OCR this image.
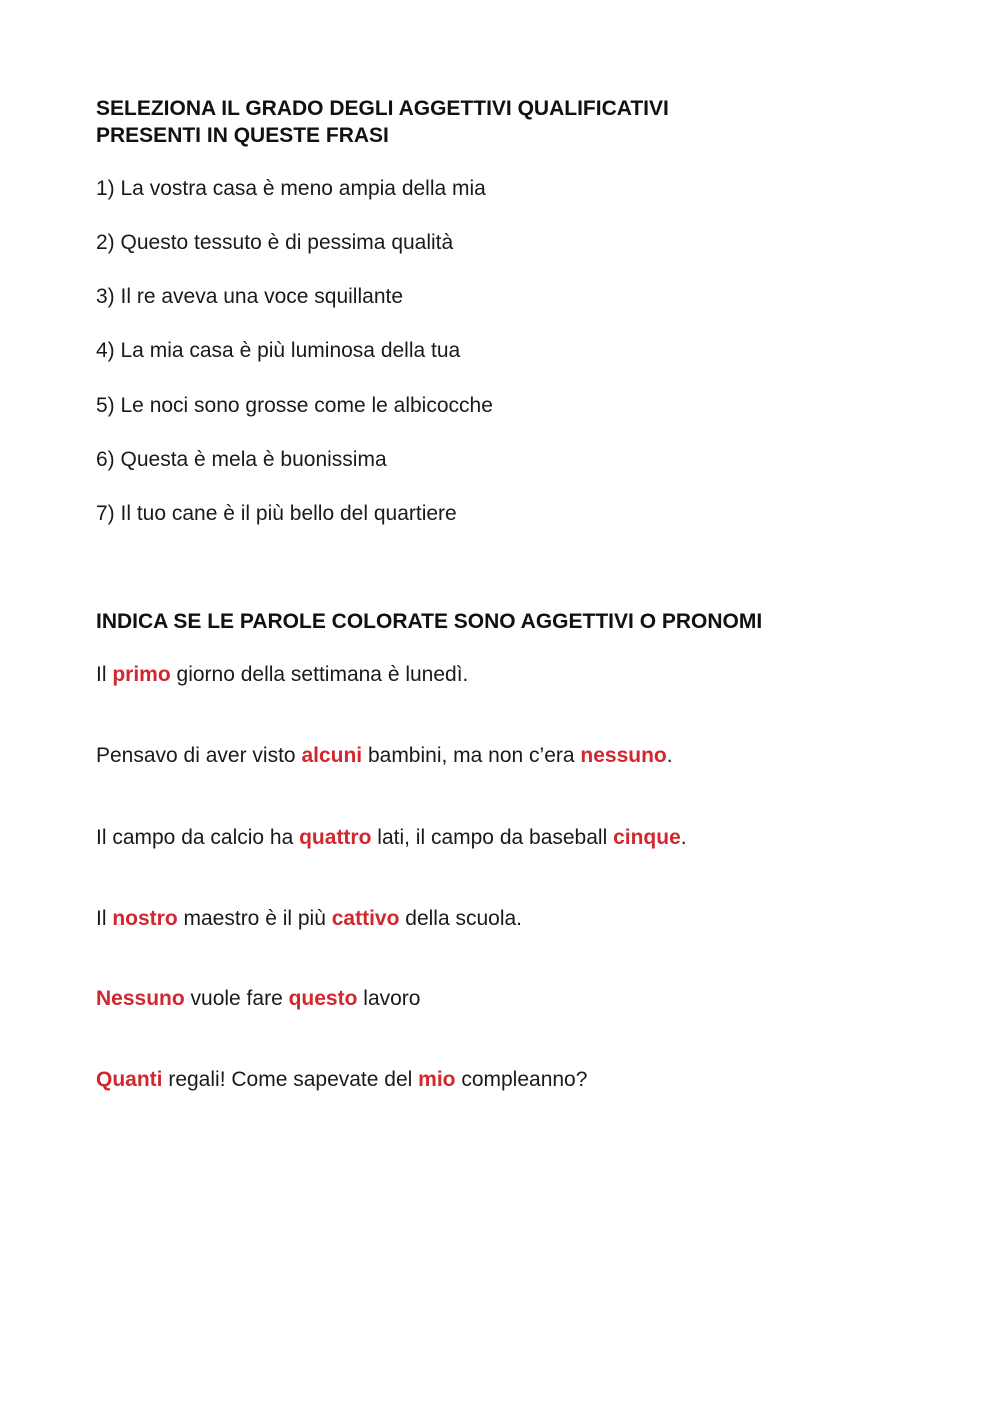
SELEZIONA IL GRADO DEGLI AGGETTIVI QUALIFICATIVI
PRESENTI IN QUESTE FRASI

1) La vostra casa è meno ampia della mia

2) Questo tessuto è di pessima qualità

3) Il re aveva una voce squillante

4) La mia casa è più luminosa della tua

5) Le noci sono grosse come le albicocche

6) Questa è mela è buonissima

7) Il tuo cane è il più bello del quartiere

INDICA SE LE PAROLE COLORATE SONO AGGETTIVI O PRONOMI

Il primo giorno della settimana è lunedì.

Pensavo di aver visto alcuni bambini, ma non c’era nessuno.

Il campo da calcio ha quattro lati, il campo da baseball cinque.

Il nostro maestro è il più cattivo della scuola.

Nessuno vuole fare questo lavoro

Quanti regali! Come sapevate del mio compleanno?
